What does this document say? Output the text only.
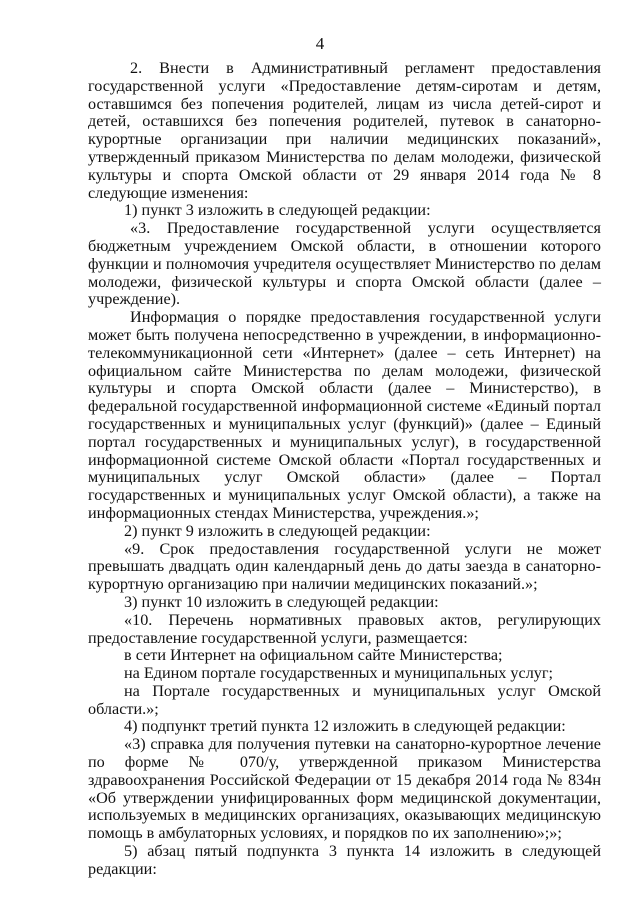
4

2. Внести в Административный регламент предоставления государственной услуги «Предоставление детям-сиротам и детям, оставшимся без попечения родителей, лицам из числа детей-сирот и детей, оставшихся без попечения родителей, путевок в санаторно-курортные организации при наличии медицинских показаний», утвержденный приказом Министерства по делам молодежи, физической культуры и спорта Омской области от 29 января 2014 года № 8 следующие изменения:

1) пункт 3 изложить в следующей редакции:

«3. Предоставление государственной услуги осуществляется бюджетным учреждением Омской области, в отношении которого функции и полномочия учредителя осуществляет Министерство по делам молодежи, физической культуры и спорта Омской области (далее – учреждение).

Информация о порядке предоставления государственной услуги может быть получена непосредственно в учреждении, в информационно-телекоммуникационной сети «Интернет» (далее – сеть Интернет) на официальном сайте Министерства по делам молодежи, физической культуры и спорта Омской области (далее – Министерство), в федеральной государственной информационной системе «Единый портал государственных и муниципальных услуг (функций)» (далее – Единый портал государственных и муниципальных услуг), в государственной информационной системе Омской области «Портал государственных и муниципальных услуг Омской области» (далее – Портал государственных и муниципальных услуг Омской области), а также на информационных стендах Министерства, учреждения.»;

2) пункт 9 изложить в следующей редакции:

«9. Срок предоставления государственной услуги не может превышать двадцать один календарный день до даты заезда в санаторно-курортную организацию при наличии медицинских показаний.»;

3) пункт 10 изложить в следующей редакции:

«10. Перечень нормативных правовых актов, регулирующих предоставление государственной услуги, размещается:

в сети Интернет на официальном сайте Министерства;

на Едином портале государственных и муниципальных услуг;

на Портале государственных и муниципальных услуг Омской области.»;

4) подпункт третий пункта 12 изложить в следующей редакции:

«3) справка для получения путевки на санаторно-курортное лечение по форме № 070/у, утвержденной приказом Министерства здравоохранения Российской Федерации от 15 декабря 2014 года № 834н «Об утверждении унифицированных форм медицинской документации, используемых в медицинских организациях, оказывающих медицинскую помощь в амбулаторных условиях, и порядков по их заполнению»;»;

5) абзац пятый подпункта 3 пункта 14 изложить в следующей редакции:
